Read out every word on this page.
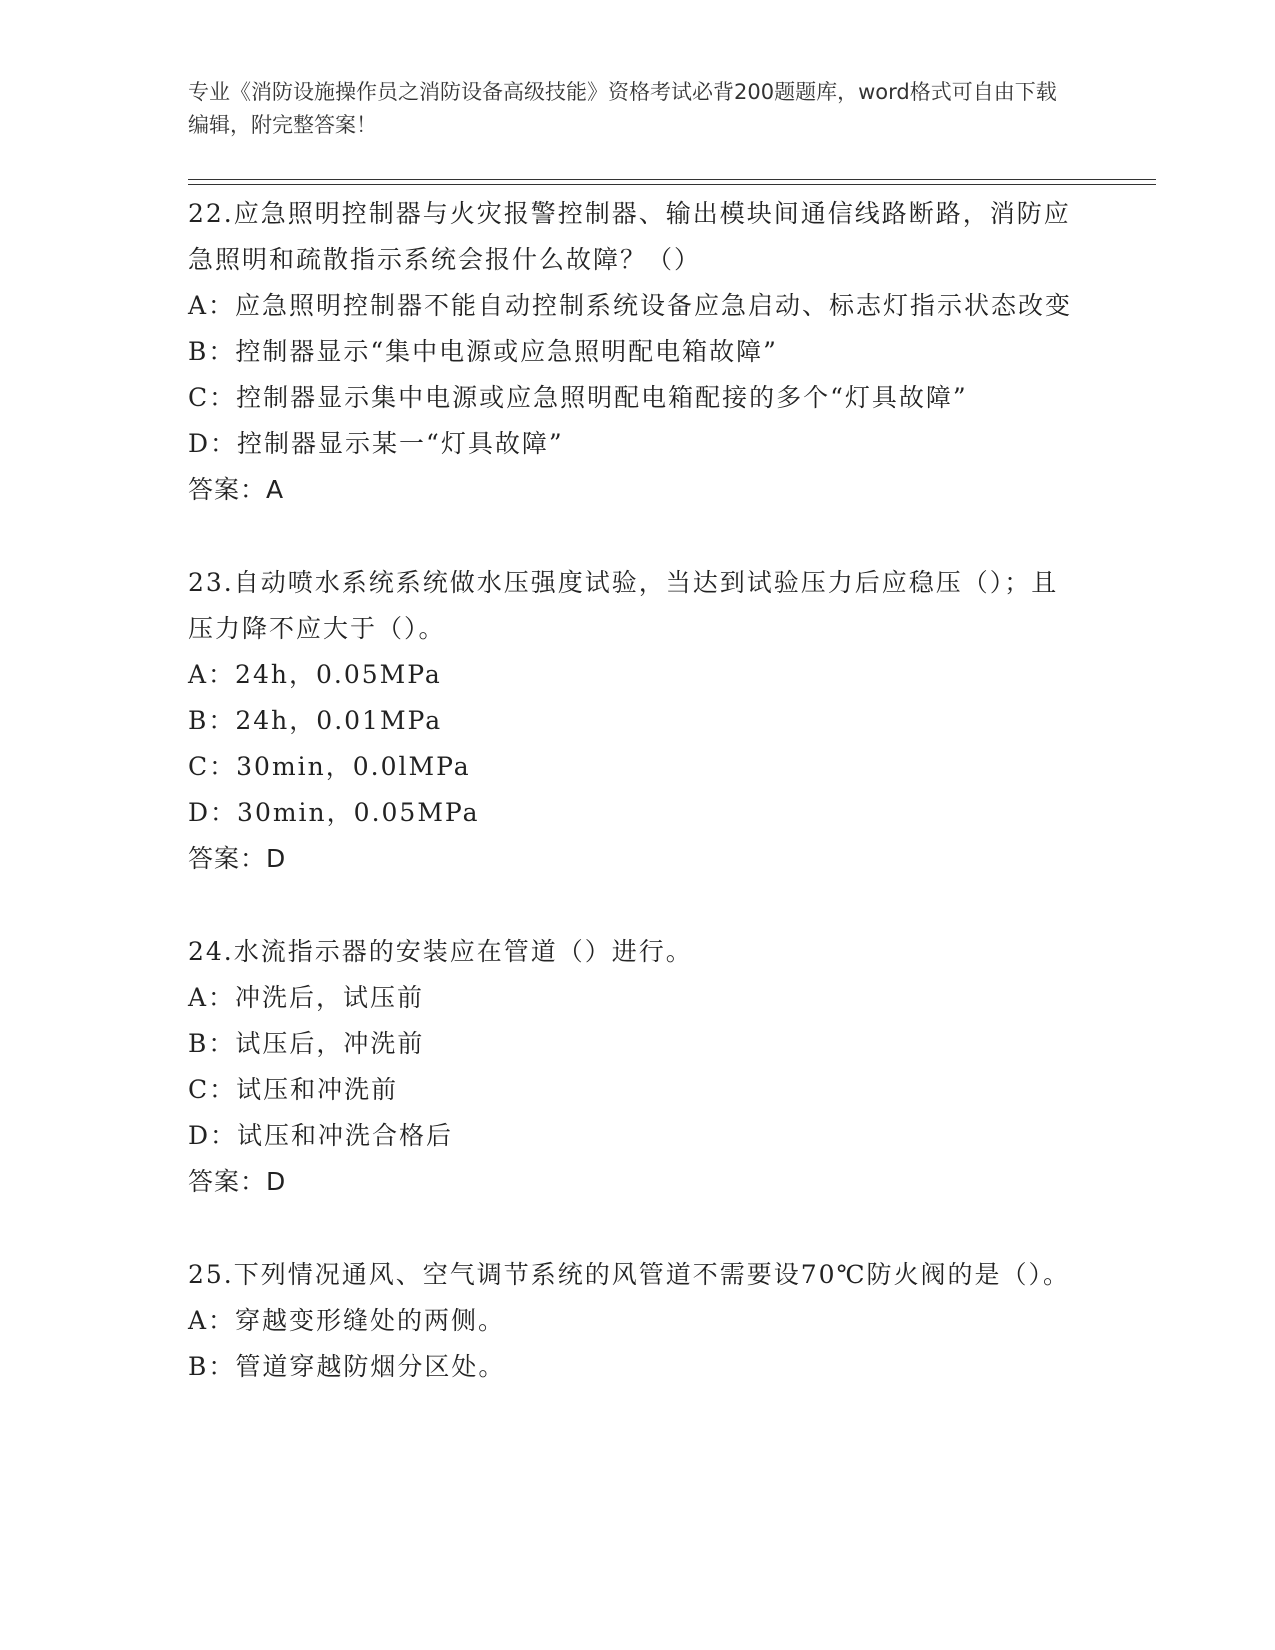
专业《消防设施操作员之消防设备高级技能》资格考试必背200题题库，word格式可自由下载编辑，附完整答案！
22.应急照明控制器与火灾报警控制器、输出模块间通信线路断路，消防应急照明和疏散指示系统会报什么故障？（）
A：应急照明控制器不能自动控制系统设备应急启动、标志灯指示状态改变
B：控制器显示“集中电源或应急照明配电箱故障”
C：控制器显示集中电源或应急照明配电箱配接的多个“灯具故障”
D：控制器显示某一“灯具故障”
答案：A
23.自动喷水系统系统做水压强度试验，当达到试验压力后应稳压（）；且压力降不应大于（）。
A：24h，0.05MPa
B：24h，0.01MPa
C：30min，0.0lMPa
D：30min，0.05MPa
答案：D
24.水流指示器的安装应在管道（）进行。
A：冲洗后，试压前
B：试压后，冲洗前
C：试压和冲洗前
D：试压和冲洗合格后
答案：D
25.下列情况通风、空气调节系统的风管道不需要设70℃防火阀的是（）。
A：穿越变形缝处的两侧。
B：管道穿越防烟分区处。
